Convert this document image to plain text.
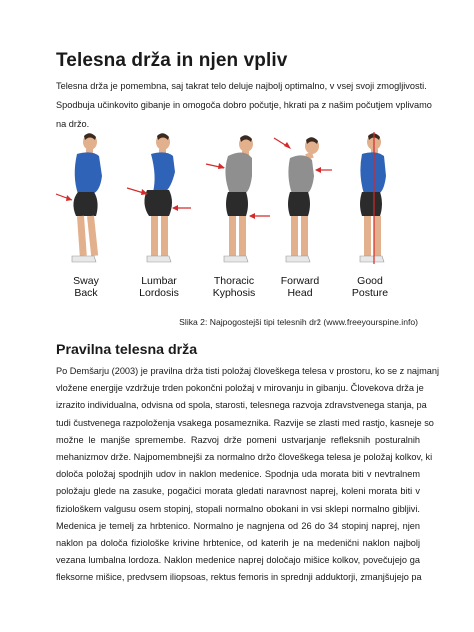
Telesna drža in njen vpliv
Telesna drža je pomembna, saj takrat telo deluje najbolj optimalno, v vsej svoji zmogljivosti.
Spodbuja učinkovito gibanje in omogoča dobro počutje, hkrati pa z našim počutjem vplivamo
na držo.
Sway
Back
Lumbar
Lordosis
Thoracic
Kyphosis
Forward
Head
Good
Posture
Slika 2: Najpogostejši tipi telesnih drž (www.freeyourspine.info)
Pravilna telesna drža
Po Demšarju (2003) je pravilna drža tisti položaj človeškega telesa v prostoru, ko se z najmanj
vložene energije vzdržuje trden pokončni položaj v mirovanju in gibanju. Človekova drža je
izrazito individualna, odvisna od spola, starosti, telesnega razvoja zdravstvenega stanja, pa
tudi čustvenega razpoloženja vsakega posameznika. Razvije se zlasti med rastjo, kasneje so
možne le manjše spremembe. Razvoj drže pomeni ustvarjanje refleksnih posturalnih
mehanizmov drže. Najpomembnejši za normalno držo človeškega telesa je položaj kolkov, ki
določa položaj spodnjih udov in naklon medenice. Spodnja uda morata biti v nevtralnem
položaju glede na zasuke, pogačici morata gledati naravnost naprej, koleni morata biti v
fiziološkem valgusu osem stopinj, stopali normalno obokani in vsi sklepi normalno gibljivi.
Medenica je temelj za hrbtenico. Normalno je nagnjena od 26 do 34 stopinj naprej, njen
naklon pa določa fiziološke krivine hrbtenice, od katerih je na medenični naklon najbolj
vezana lumbalna lordoza. Naklon medenice naprej določajo mišice kolkov, povečujejo ga
fleksorne mišice, predvsem iliopsoas, rektus femoris in sprednji adduktorji, zmanjšujejo pa
